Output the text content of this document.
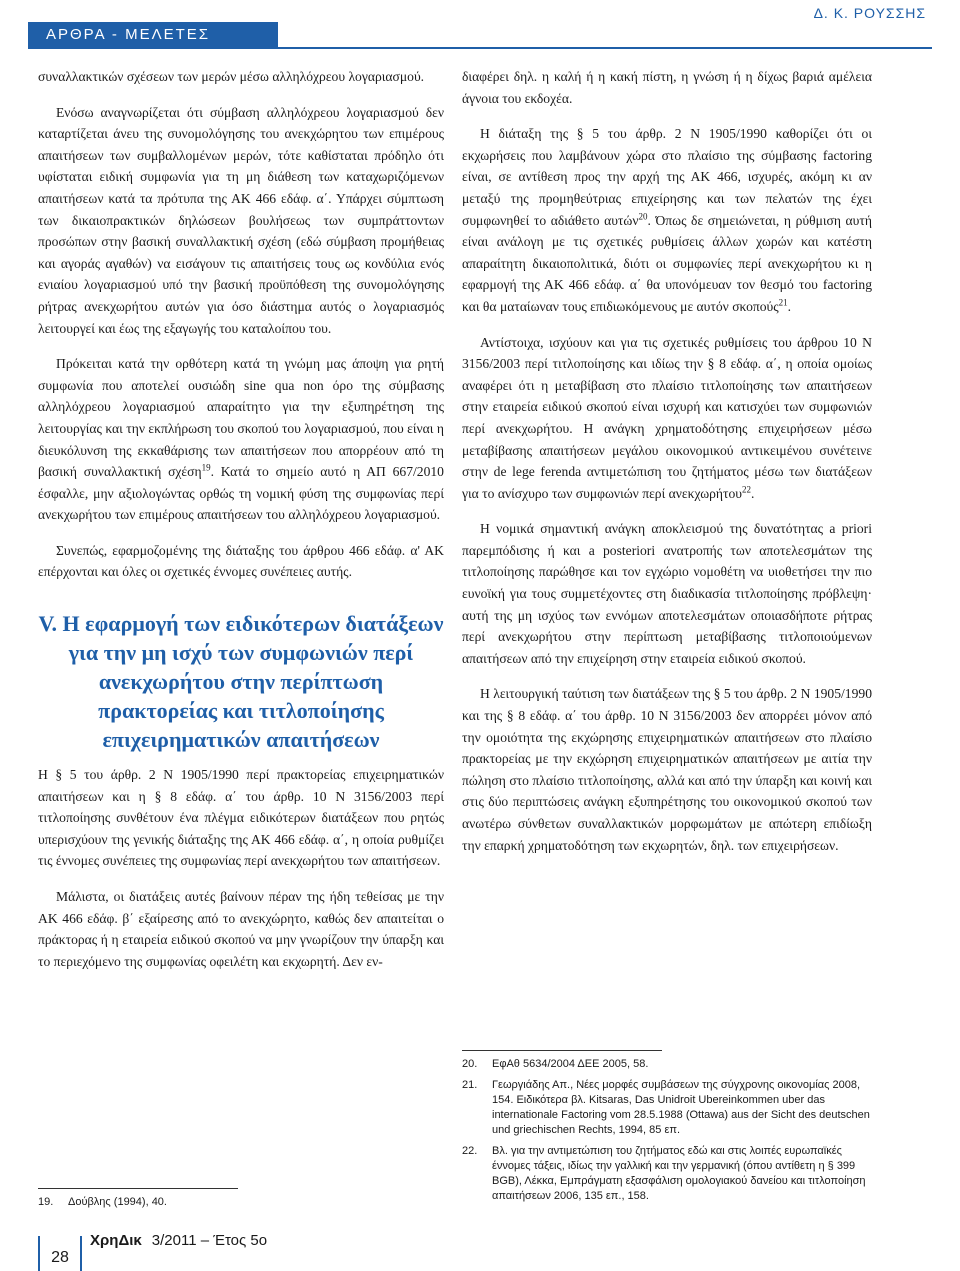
ΑΡΘΡΑ - ΜΕΛΕΤΕΣ
Δ. Κ. ΡΟΥΣΣΗΣ

συναλλακτικών σχέσεων των μερών μέσω αλληλόχρεου λογαριασμού.

Ενόσω αναγνωρίζεται ότι σύμβαση αλληλόχρεου λογαριασμού δεν καταρτίζεται άνευ της συνομολόγησης του ανεκχώρητου των επιμέρους απαιτήσεων των συμβαλλομένων μερών, τότε καθίσταται πρόδηλο ότι υφίσταται ειδική συμφωνία για τη μη διάθεση των καταχωριζόμενων απαιτήσεων κατά τα πρότυπα της ΑΚ 466 εδάφ. α΄. Υπάρχει σύμπτωση των δικαιοπρακτικών δηλώσεων βουλήσεως των συμπράττοντων προσώπων στην βασική συναλλακτική σχέση (εδώ σύμβαση προμήθειας και αγοράς αγαθών) να εισάγουν τις απαιτήσεις τους ως κονδύλια ενός ενιαίου λογαριασμού υπό την βασική προϋπόθεση της συνομολόγησης ρήτρας ανεκχωρήτου αυτών για όσο διάστημα αυτός ο λογαριασμός λειτουργεί και έως της εξαγωγής του καταλοίπου του.

Πρόκειται κατά την ορθότερη κατά τη γνώμη μας άποψη για ρητή συμφωνία που αποτελεί ουσιώδη sine qua non όρο της σύμβασης αλληλόχρεου λογαριασμού απαραίτητο για την εξυπηρέτηση της λειτουργίας και την εκπλήρωση του σκοπού του λογαριασμού, που είναι η διευκόλυνση της εκκαθάρισης των απαιτήσεων που απορρέουν από τη βασική συναλλακτική σχέση$^{19}$. Κατά το σημείο αυτό η ΑΠ 667/2010 έσφαλλε, μην αξιολογώντας ορθώς τη νομική φύση της συμφωνίας περί ανεκχωρήτου των επιμέρους απαιτήσεων του αλληλόχρεου λογαριασμού.

Συνεπώς, εφαρμοζομένης της διάταξης του άρθρου 466 εδάφ. α' ΑΚ επέρχονται και όλες οι σχετικές έννομες συνέπειες αυτής.

V. Η εφαρμογή των ειδικότερων διατάξεων για την μη ισχύ των συμφωνιών περί ανεκχωρήτου στην περίπτωση πρακτορείας και τιτλοποίησης επιχειρηματικών απαιτήσεων

Η § 5 του άρθρ. 2 Ν 1905/1990 περί πρακτορείας επιχειρηματικών απαιτήσεων και η § 8 εδάφ. α΄ του άρθρ. 10 Ν 3156/2003 περί τιτλοποίησης συνθέτουν ένα πλέγμα ειδικότερων διατάξεων που ρητώς υπερισχύουν της γενικής διάταξης της ΑΚ 466 εδάφ. α΄, η οποία ρυθμίζει τις έννομες συνέπειες της συμφωνίας περί ανεκχωρήτου των απαιτήσεων.

Μάλιστα, οι διατάξεις αυτές βαίνουν πέραν της ήδη τεθείσας με την ΑΚ 466 εδάφ. β΄ εξαίρεσης από το ανεκχώρητο, καθώς δεν απαιτείται ο πράκτορας ή η εταιρεία ειδικού σκοπού να μην γνωρίζουν την ύπαρξη και το περιεχόμενο της συμφωνίας οφειλέτη και εκχωρητή. Δεν εν-

19.	Δούβλης (1994), 40.

διαφέρει δηλ. η καλή ή η κακή πίστη, η γνώση ή η δίχως βαριά αμέλεια άγνοια του εκδοχέα.

Η διάταξη της § 5 του άρθρ. 2 Ν 1905/1990 καθορίζει ότι οι εκχωρήσεις που λαμβάνουν χώρα στο πλαίσιο της σύμβασης factoring είναι, σε αντίθεση προς την αρχή της ΑΚ 466, ισχυρές, ακόμη κι αν μεταξύ της προμηθεύτριας επιχείρησης και των πελατών της έχει συμφωνηθεί το αδιάθετο αυτών$^{20}$. Όπως δε σημειώνεται, η ρύθμιση αυτή είναι ανάλογη με τις σχετικές ρυθμίσεις άλλων χωρών και κατέστη απαραίτητη δικαιοπολιτικά, διότι οι συμφωνίες περί ανεκχωρήτου κι η εφαρμογή της ΑΚ 466 εδάφ. α΄ θα υπονόμευαν τον θεσμό του factoring και θα ματαίωναν τους επιδιωκόμενους με αυτόν σκοπούς$^{21}$.

Αντίστοιχα, ισχύουν και για τις σχετικές ρυθμίσεις του άρθρου 10 Ν 3156/2003 περί τιτλοποίησης και ιδίως την § 8 εδάφ. α΄, η οποία ομοίως αναφέρει ότι η μεταβίβαση στο πλαίσιο τιτλοποίησης των απαιτήσεων στην εταιρεία ειδικού σκοπού είναι ισχυρή και κατισχύει των συμφωνιών περί ανεκχωρήτου. Η ανάγκη χρηματοδότησης επιχειρήσεων μέσω μεταβίβασης απαιτήσεων μεγάλου οικονομικού αντικειμένου συνέτεινε στην de lege ferenda αντιμετώπιση του ζητήματος μέσω των διατάξεων για το ανίσχυρο των συμφωνιών περί ανεκχωρήτου$^{22}$.

Η νομικά σημαντική ανάγκη αποκλεισμού της δυνατότητας a priori παρεμπόδισης ή και a posteriori ανατροπής των αποτελεσμάτων της τιτλοποίησης παρώθησε και τον εγχώριο νομοθέτη να υιοθετήσει την πιο ευνοϊκή για τους συμμετέχοντες στη διαδικασία τιτλοποίησης πρόβλεψη· αυτή της μη ισχύος των εννόμων αποτελεσμάτων οποιασδήποτε ρήτρας περί ανεκχωρήτου στην περίπτωση μεταβίβασης τιτλοποιούμενων απαιτήσεων από την επιχείρηση στην εταιρεία ειδικού σκοπού.

Η λειτουργική ταύτιση των διατάξεων της § 5 του άρθρ. 2 Ν 1905/1990 και της § 8 εδάφ. α΄ του άρθρ. 10 Ν 3156/2003 δεν απορρέει μόνον από την ομοιότητα της εκχώρησης επιχειρηματικών απαιτήσεων στο πλαίσιο πρακτορείας με την εκχώρηση επιχειρηματικών απαιτήσεων με αιτία την πώληση στο πλαίσιο τιτλοποίησης, αλλά και από την ύπαρξη και κοινή και στις δύο περιπτώσεις ανάγκη εξυπηρέτησης του οικονομικού σκοπού των ανωτέρω σύνθετων συναλλακτικών μορφωμάτων με απώτερη επιδίωξη την επαρκή χρηματοδότηση των εκχωρητών, δηλ. των επιχειρήσεων.

20.	ΕφΑθ 5634/2004 ΔΕΕ 2005, 58.
21.	Γεωργιάδης Απ., Νέες μορφές συμβάσεων της σύγχρονης οικονομίας 2008, 154. Ειδικότερα βλ. Kitsaras, Das Unidroit Ubereinkommen uber das internationale Factoring vom 28.5.1988 (Ottawa) aus der Sicht des deutschen und griechischen Rechts, 1994, 85 επ.
22.	Βλ. για την αντιμετώπιση του ζητήματος εδώ και στις λοιπές ευρωπαϊκές έννομες τάξεις, ιδίως την γαλλική και την γερμανική (όπου αντίθετη η § 399 BGB), Λέκκα, Εμπράγματη εξασφάλιση ομολογιακού δανείου και τιτλοποίηση απαιτήσεων 2006, 135 επ., 158.
28
ΧρηΔικ 3/2011 – Έτος 5ο
